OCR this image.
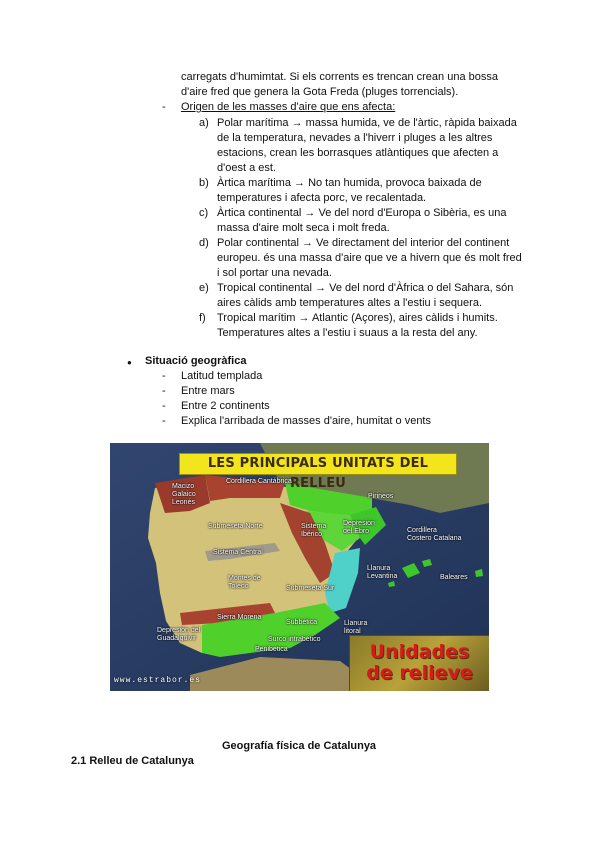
carregats d'humimtat. Si els corrents es trencan crean una bossa
d'aire fred que genera la Gota Freda (pluges torrencials).
- Origen de les masses d'aire que ens afecta:
a) Polar marítima → massa humida, ve de l'àrtic, ràpida baixada
de la temperatura, nevades a l'hiverr i pluges a les altres
estacions, crean les borrasques atlàntiques que afecten a
d'oest a est.
b) Àrtica marítima → No tan humida, provoca baixada de
temperatures i afecta porc, ve recalentada.
c) Àrtica continental → Ve del nord d'Europa o Sibèria, es una
massa d'aire molt seca i molt freda.
d) Polar continental → Ve directament del interior del continent
europeu. és una massa d'aire que ve a hivern que és molt fred
i sol portar una nevada.
e) Tropical continental → Ve del nord d'Àfrica o del Sahara, són
aires càlids amb temperatures altes a l'estiu i sequera.
f) Tropical marítim → Atlantic (Açores), aires càlids i humits.
Temperatures altes a l'estiu i suaus a la resta del any.
● Situació geogràfica
- Latitud templada
- Entre mars
- Entre 2 continents
- Explica l'arribada de masses d'aire, humitat o vents
LES PRINCIPALS UNITATS DEL RELLEU
Macizo
Galaico
Leonés
Cordillera Cantábrica
Pirineos
Submeseta Norte	Sistema
Ibérico
Depresión
del Ebro	Cordillera
Costero Catalana
Sistema Central
Montes de
Toledo	Submeseta Sur
Llanura
Levantina	Baleares
Sierra Morena
Subbética
Depresión del
Guadalquivir
Penibética
Surco intrabético
Llanura
litoral
www.estrabor.es
Unidades
de relieve
Geografía física de Catalunya
2.1 Relleu de Catalunya
